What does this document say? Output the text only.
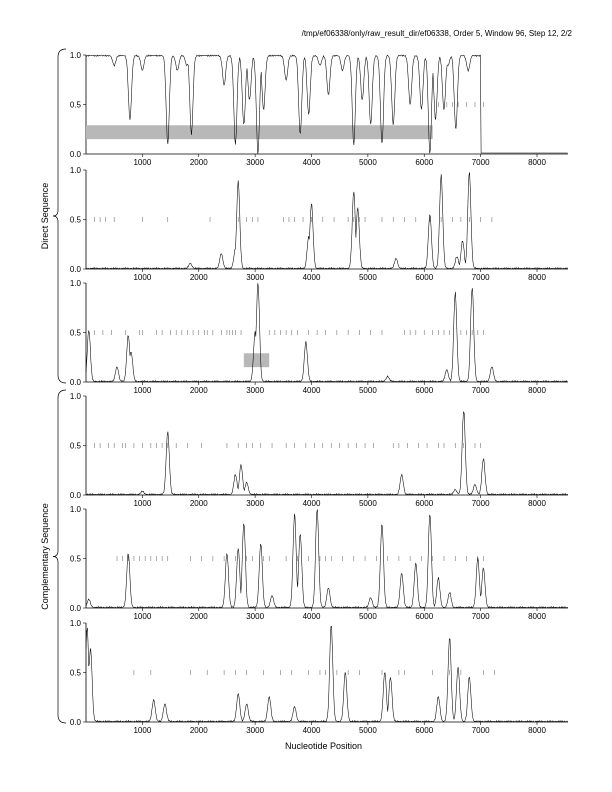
/tmp/ef06338/only/raw_result_dir/ef06338, Order 5, Window 96, Step 12, 2/2
0.0
0.5
1.0
1000	2000	3000	4000	5000	6000	7000	8000
0.0
0.5
1.0
1000	2000	3000	4000	5000	6000	7000	8000
0.0
0.5
1.0
1000	2000	3000	4000	5000	6000	7000	8000
0.0
0.5
1.0
1000	2000	3000	4000	5000	6000	7000	8000
0.0
0.5
1.0
1000	2000	3000	4000	5000	6000	7000	8000
0.0
0.5
1.0
1000	2000	3000	4000	5000	6000	7000	8000
Direct Sequence
Complementary Sequence
Nucleotide Position
